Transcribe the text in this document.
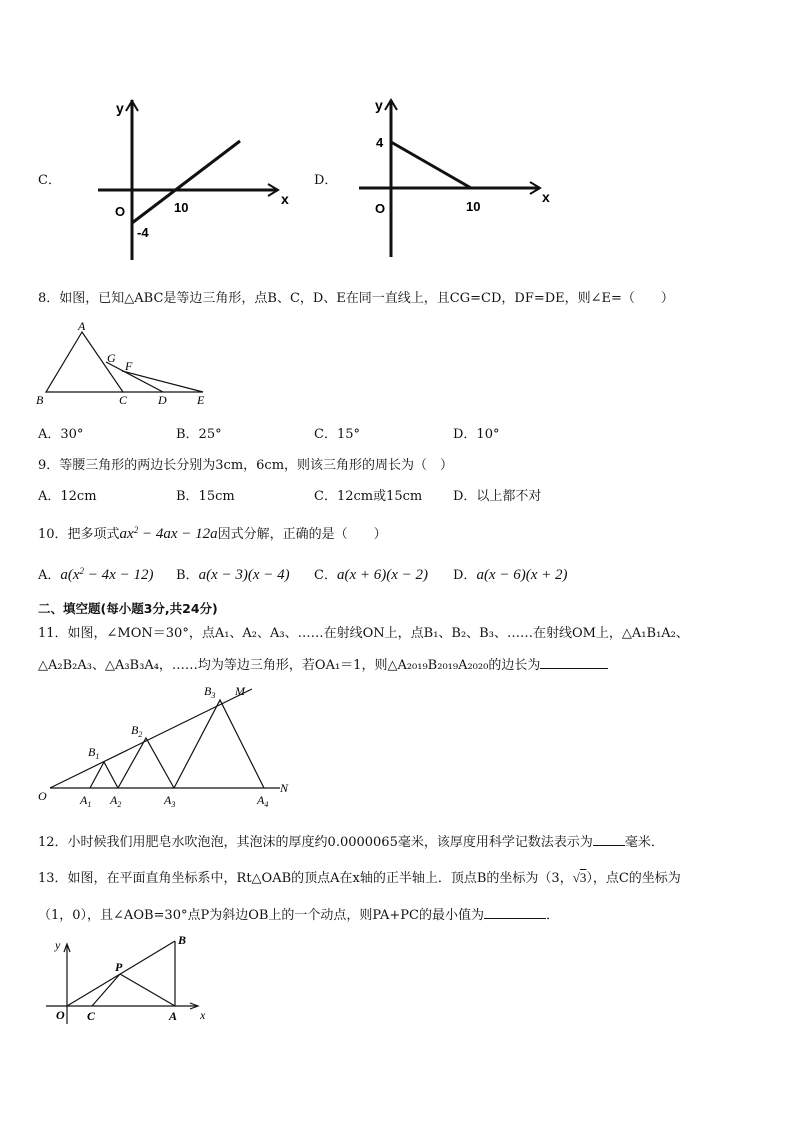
C．
y
x
O	10
-4
D．
y
x
O	10
4
8．如图，已知△ABC是等边三角形，点B、C，D、E在同一直线上，且CG=CD，DF=DE，则∠E=（　　）
A
B	C	D	E
G
F
A．30°	B．25°	C．15°	D．10°
9．等腰三角形的两边长分别为3cm，6cm，则该三角形的周长为（　）
A．12cm	B．15cm	C．12cm或15cm D．以上都不对
10．把多项式$ax^2 - 4ax - 12a$因式分解，正确的是（　　）
A．$a(x^2 - 4x - 12)$ B．a(x − 3)(x − 4) C．a(x + 6)(x − 2) D．a(x − 6)(x + 2)
二、填空题(每小题3分,共24分)
11．如图，∠MON＝30°，点A₁、A₂、A₃、……在射线ON上，点B₁、B₂、B₃、……在射线OM上，△A₁B₁A₂、
△A₂B₂A₃、△A₃B₃A₄，……均为等边三角形，若OA₁＝1，则△A₂₀₁₉B₂₀₁₉A₂₀₂₀的边长为
O
N
M
$A_1$ $A_2$	$A_3$	$A_4$
$B_1$
$B_2$
$B_3$
12．小时候我们用肥皂水吹泡泡，其泡沫的厚度约0.0000065毫米，该厚度用科学记数法表示为 毫米．
13．如图，在平面直角坐标系中，Rt△OAB的顶点A在x轴的正半轴上．顶点B的坐标为（3，√3），点C的坐标为
（1，0），且∠AOB=30°点P为斜边OB上的一个动点，则PA+PC的最小值为	．
y
x
O C	A
B
P
